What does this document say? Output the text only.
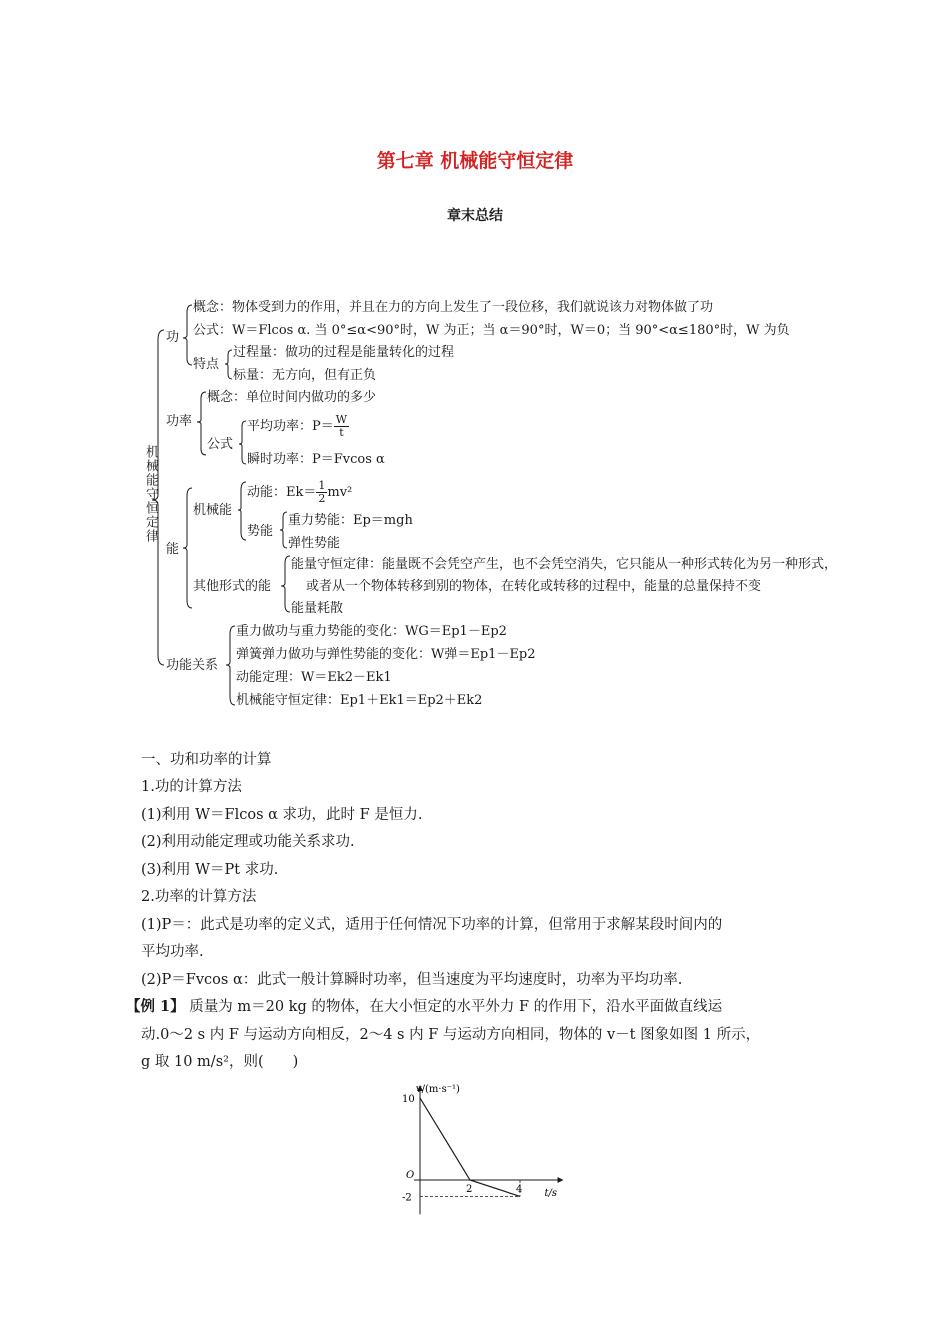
第七章 机械能守恒定律
章末总结
机械能守恒定律
功
概念：物体受到力的作用，并且在力的方向上发生了一段位移，我们就说该力对物体做了功
公式：W＝Flcos α. 当 0°≤α<90°时，W 为正；当 α＝90°时，W＝0；当 90°<α≤180°时，W 为负
特点
过程量：做功的过程是能量转化的过程
标量：无方向，但有正负
功率
概念：单位时间内做功的多少
公式
平均功率：$P= \frac{W}{t}$
瞬时功率：P＝Fvcos α
能
机械能
动能：$Ek= \frac{1}{2} mv^2$
势能
重力势能：Ep＝mgh
弹性势能
其他形式的能
能量守恒定律：能量既不会凭空产生，也不会凭空消失，它只能从一种形式转化为另一种形式，
或者从一个物体转移到别的物体，在转化或转移的过程中，能量的总量保持不变
能量耗散
功能关系
重力做功与重力势能的变化：WG＝Ep1－Ep2
弹簧弹力做功与弹性势能的变化：W弹＝Ep1－Ep2
动能定理：W＝Ek2－Ek1
机械能守恒定律：Ep1＋Ek1＝Ep2＋Ek2
一、功和功率的计算
1.功的计算方法
(1)利用 W＝Flcos α 求功，此时 F 是恒力.
(2)利用动能定理或功能关系求功.
(3)利用 W＝Pt 求功.
2.功率的计算方法
(1)P＝：此式是功率的定义式，适用于任何情况下功率的计算，但常用于求解某段时间内的
平均功率.
(2)P＝Fvcos α：此式一般计算瞬时功率，但当速度为平均速度时，功率为平均功率.
【例 1】 质量为 m＝20 kg 的物体，在大小恒定的水平外力 F 的作用下，沿水平面做直线运
动.0～2 s 内 F 与运动方向相反，2～4 s 内 F 与运动方向相同，物体的 v－t 图象如图 1 所示，
g 取 10 m/s²，则(　　)
v/(m·s⁻¹)
t/s
O
2	4
10
-2
